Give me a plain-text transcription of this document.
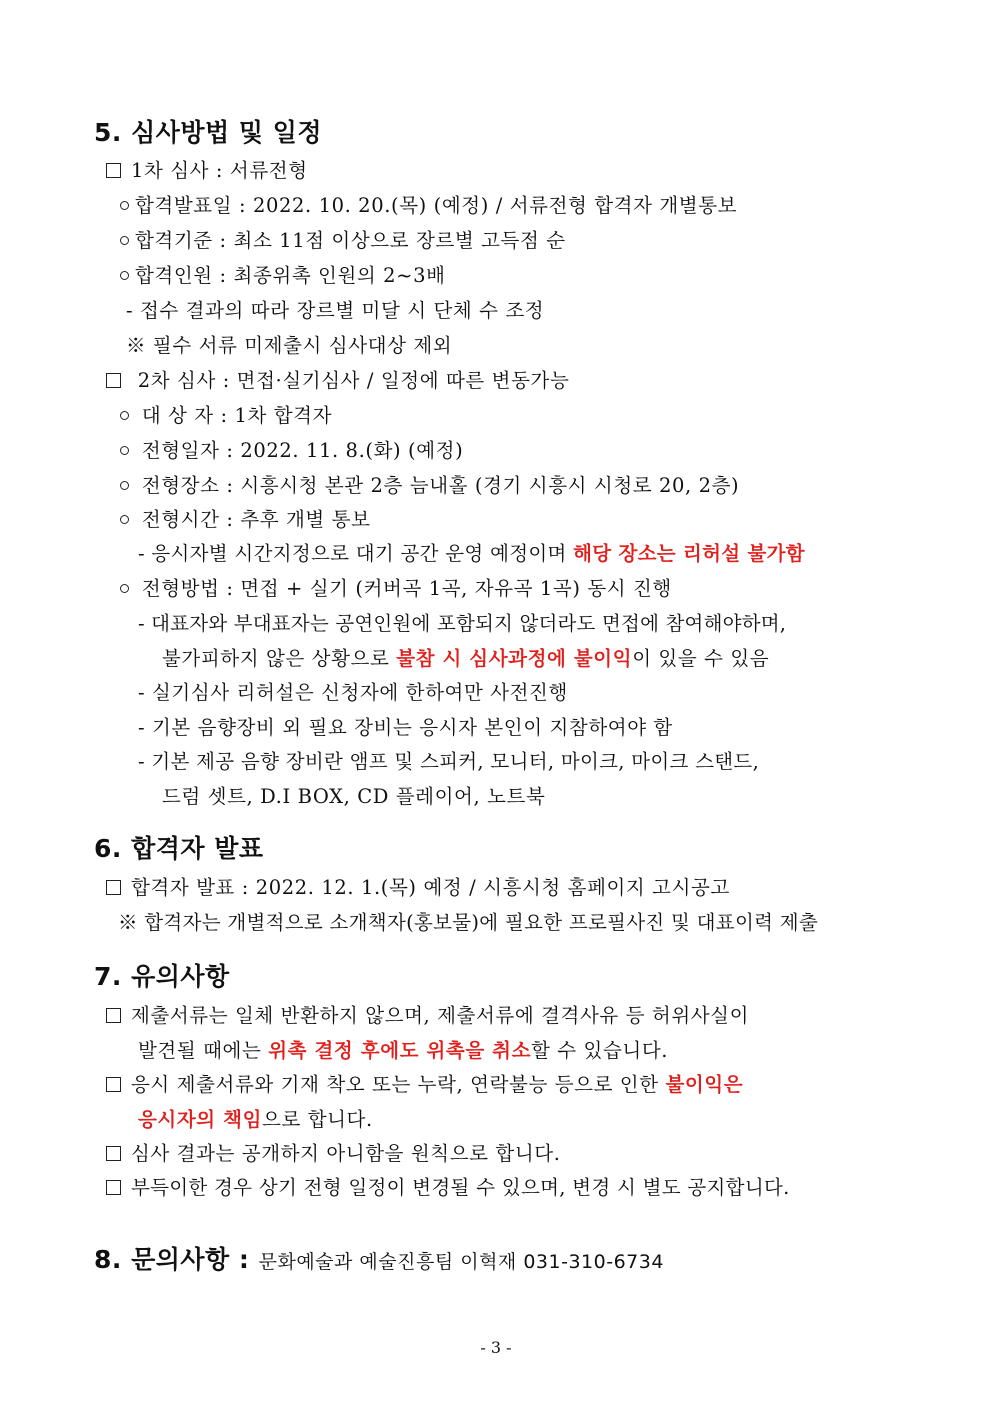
5. 심사방법 및 일정
1차 심사 : 서류전형
합격발표일 : 2022. 10. 20.(목) (예정) / 서류전형 합격자 개별통보
합격기준 : 최소 11점 이상으로 장르별 고득점 순
합격인원 : 최종위촉 인원의 2~3배
- 접수 결과의 따라 장르별 미달 시 단체 수 조정
※ 필수 서류 미제출시 심사대상 제외
2차 심사 : 면접·실기심사 / 일정에 따른 변동가능
대 상 자 : 1차 합격자
전형일자 : 2022. 11. 8.(화) (예정)
전형장소 : 시흥시청 본관 2층 늠내홀 (경기 시흥시 시청로 20, 2층)
전형시간 : 추후 개별 통보
- 응시자별 시간지정으로 대기 공간 운영 예정이며 해당 장소는 리허설 불가함
전형방법 : 면접 + 실기 (커버곡 1곡, 자유곡 1곡) 동시 진행
- 대표자와 부대표자는 공연인원에 포함되지 않더라도 면접에 참여해야하며,
불가피하지 않은 상황으로 불참 시 심사과정에 불이익이 있을 수 있음
- 실기심사 리허설은 신청자에 한하여만 사전진행
- 기본 음향장비 외 필요 장비는 응시자 본인이 지참하여야 함
- 기본 제공 음향 장비란 앰프 및 스피커, 모니터, 마이크, 마이크 스탠드,
드럼 셋트, D.I BOX, CD 플레이어, 노트북
6. 합격자 발표
합격자 발표 : 2022. 12. 1.(목) 예정 / 시흥시청 홈페이지 고시공고
※ 합격자는 개별적으로 소개책자(홍보물)에 필요한 프로필사진 및 대표이력 제출
7. 유의사항
제출서류는 일체 반환하지 않으며, 제출서류에 결격사유 등 허위사실이
발견될 때에는 위촉 결정 후에도 위촉을 취소할 수 있습니다.
응시 제출서류와 기재 착오 또는 누락, 연락불능 등으로 인한 불이익은
응시자의 책임으로 합니다.
심사 결과는 공개하지 아니함을 원칙으로 합니다.
부득이한 경우 상기 전형 일정이 변경될 수 있으며, 변경 시 별도 공지합니다.
8. 문의사항 : 문화예술과 예술진흥팀 이혁재 031-310-6734
- 3 -
